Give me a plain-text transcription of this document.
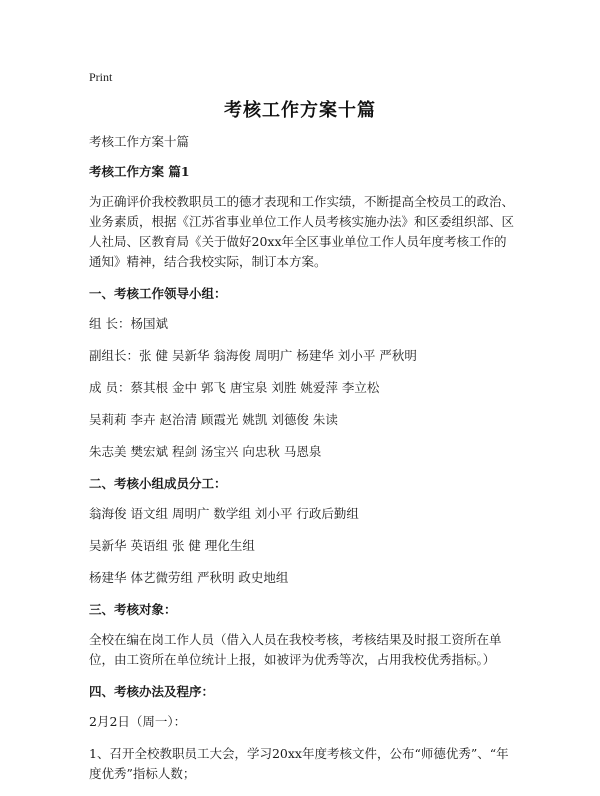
Print
考核工作方案十篇

考核工作方案十篇

考核工作方案 篇1

为正确评价我校教职员工的德才表现和工作实绩，不断提高全校员工的政治、业务素质，根据《江苏省事业单位工作人员考核实施办法》和区委组织部、区人社局、区教育局《关于做好20xx年全区事业单位工作人员年度考核工作的通知》精神，结合我校实际，制订本方案。

一、考核工作领导小组：

组 长：杨国斌

副组长：张 健 吴新华 翁海俊 周明广 杨建华 刘小平 严秋明

成 员：蔡其根 金中 郭飞 唐宝泉 刘胜 姚爱萍 李立松

吴莉莉 李卉 赵治清 顾霞光 姚凯 刘德俊 朱读

朱志美 樊宏斌 程剑 汤宝兴 向忠秋 马恩泉

二、考核小组成员分工：

翁海俊 语文组 周明广 数学组 刘小平 行政后勤组

吴新华 英语组 张 健 理化生组

杨建华 体艺微劳组 严秋明 政史地组

三、考核对象：

全校在编在岗工作人员（借入人员在我校考核，考核结果及时报工资所在单位，由工资所在单位统计上报，如被评为优秀等次，占用我校优秀指标。）

四、考核办法及程序：

2月2日（周一）：

1、召开全校教职员工大会，学习20xx年度考核文件，公布“师德优秀”、“年度优秀”指标人数；
